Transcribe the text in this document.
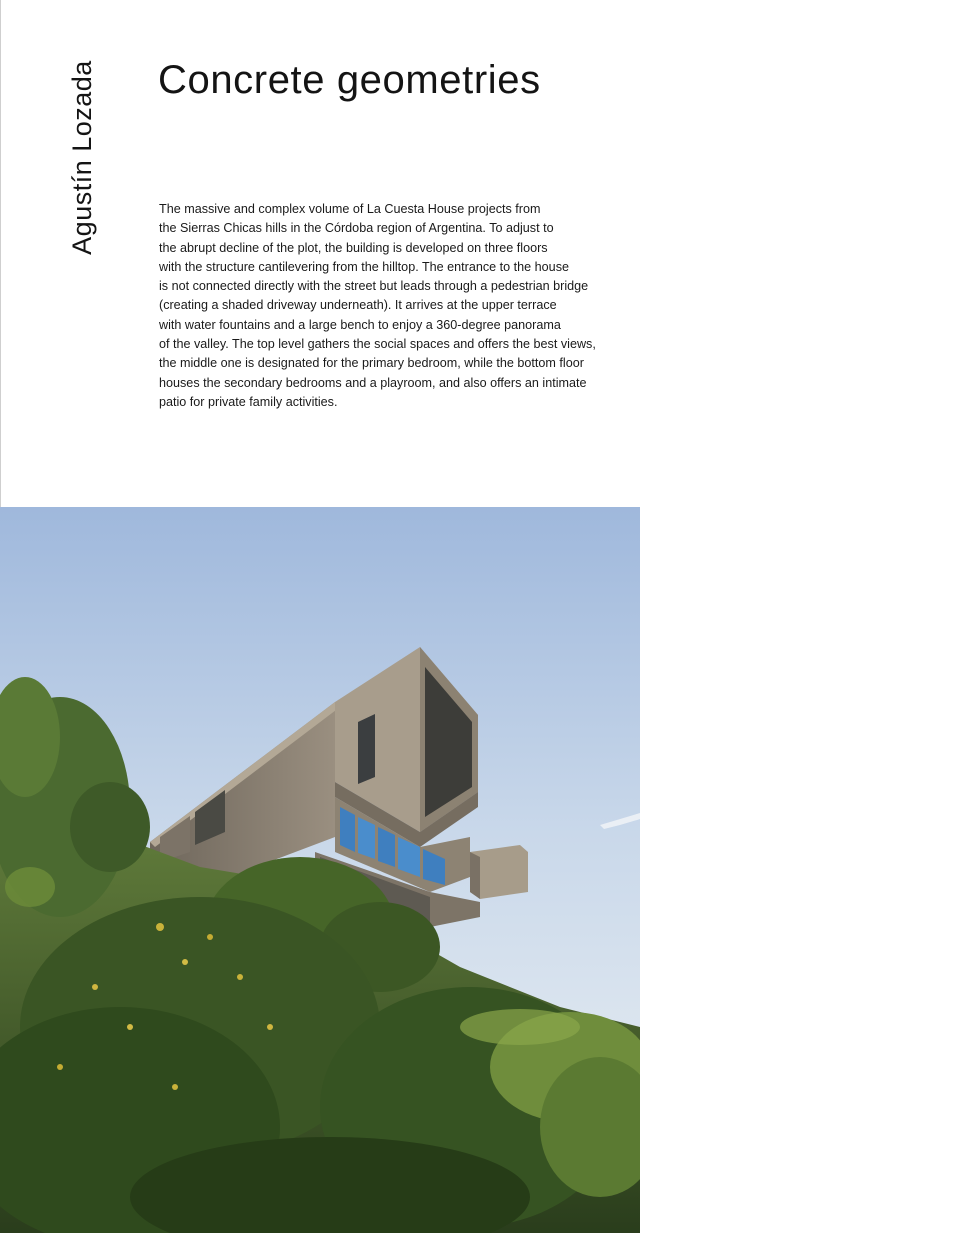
Agustín Lozada Concrete geometries
The massive and complex volume of La Cuesta House projects from
the Sierras Chicas hills in the Córdoba region of Argentina. To adjust to
the abrupt decline of the plot, the building is developed on three floors
with the structure cantilevering from the hilltop. The entrance to the house
is not connected directly with the street but leads through a pedestrian bridge
(creating a shaded driveway underneath). It arrives at the upper terrace
with water fountains and a large bench to enjoy a 360-degree panorama
of the valley. The top level gathers the social spaces and offers the best views,
the middle one is designated for the primary bedroom, while the bottom floor
houses the secondary bedrooms and a playroom, and also offers an intimate
patio for private family activities.
